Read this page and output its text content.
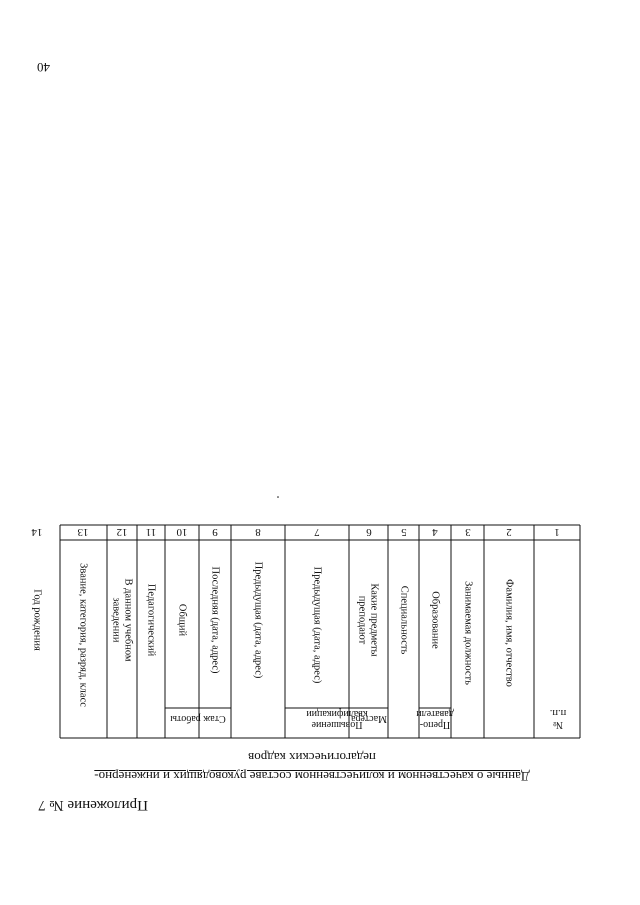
40
Приложение № 7
Данные о качественном и количественном составе руководящих и инженерно-
педагогических кадров
Препо-
даватели
Мастера
Повышение
квалификации
Стаж работы
№
п.п.
Фамилия, имя, отчество
Занимаемая должность
Образование
Специальность
Какие предметы
преподают
Предыдущая (дата, адрес)
Предыдущая (дата, адрес)
Последняя (дата, адрес)
Общий
Педагогический
В данном учебном
заведении
Звание, категория, разряд, класс
Год рождения
1
2
3
4
5
6
7
8
9
10
11
12
13
14
